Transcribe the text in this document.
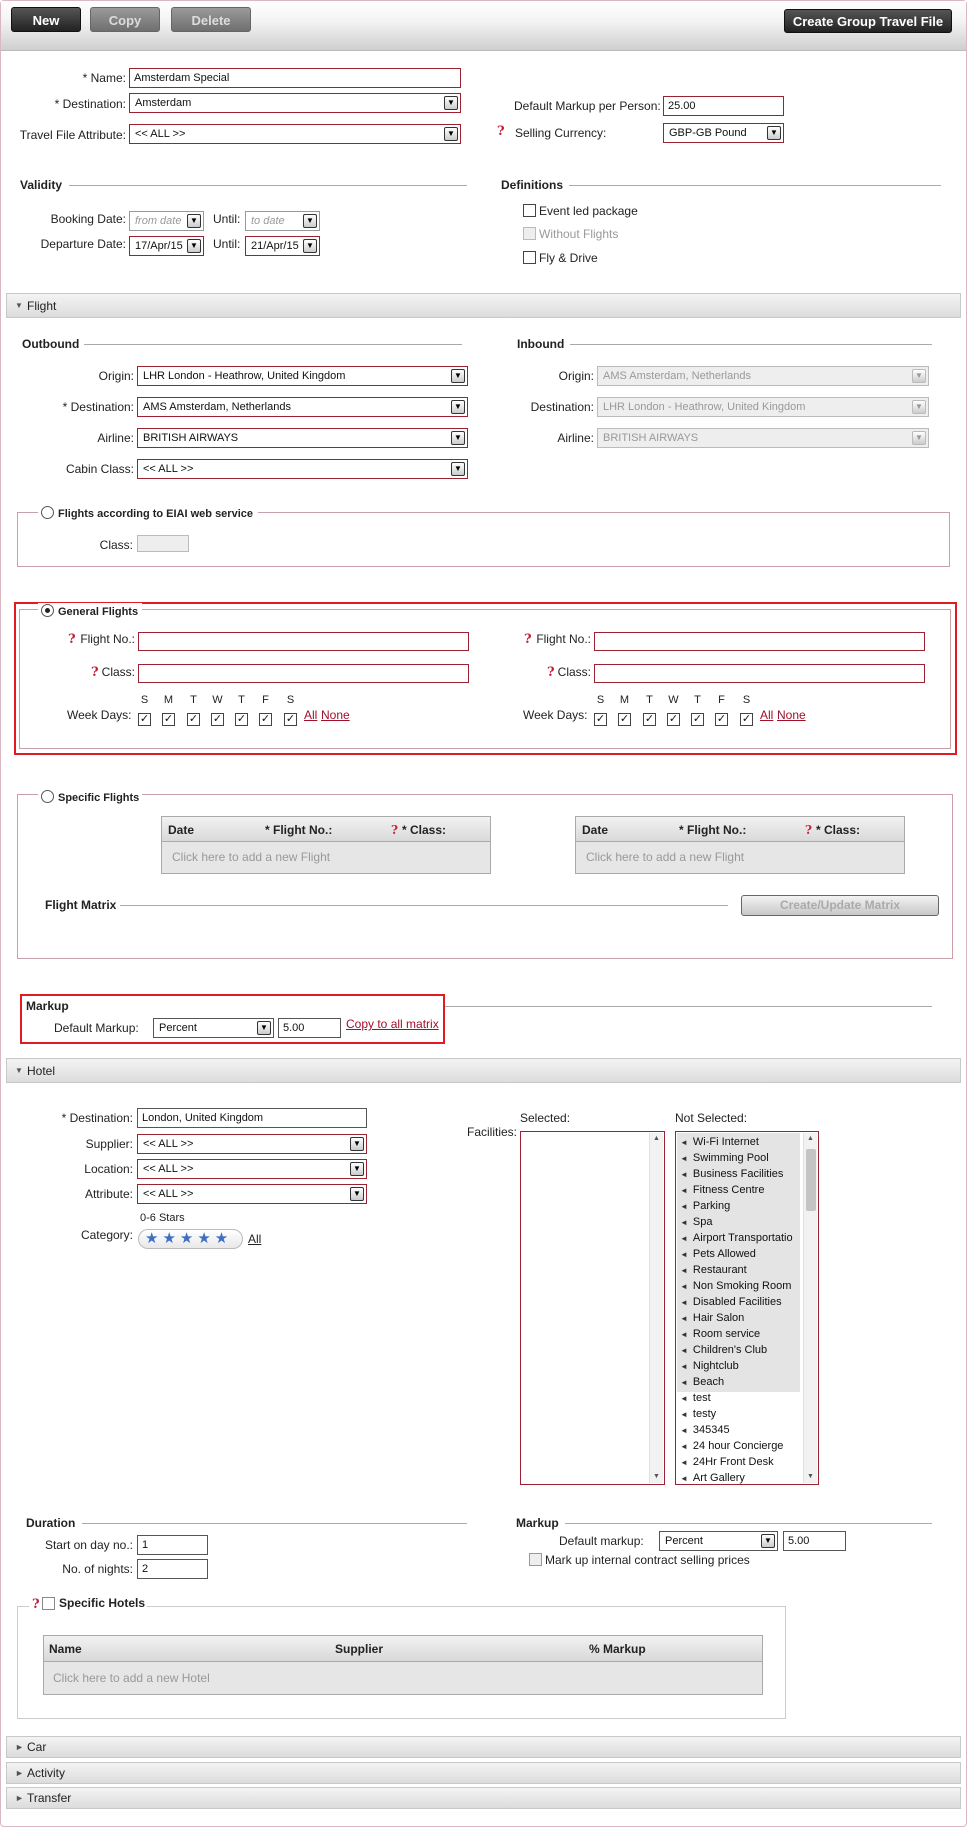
New	Copy	Delete	Create Group Travel File
* Name: Amsterdam Special
* Destination: Amsterdam	▼
Travel File Attribute: << ALL >>	▼
Default Markup per Person: 25.00
? Selling Currency:	GBP-GB Pound	▼
Validity
Booking Date: from date	▼ Until: to date	▼
Departure Date: 17/Apr/15 ▼ Until: 21/Apr/15 ▼
Definitions
Event led package
Without Flights
Fly & Drive
▼ Flight
Outbound
Origin: LHR London - Heathrow, United Kingdom	▼
* Destination: AMS Amsterdam, Netherlands	▼
Airline: BRITISH AIRWAYS	▼
Cabin Class: << ALL >>	▼
Inbound
Origin: AMS Amsterdam, Netherlands	▼
Destination: LHR London - Heathrow, United Kingdom	▼
Airline: BRITISH AIRWAYS	▼
Flights according to EIAI web service
Class:
General Flights
? Flight No.:
? Class:
Week Days:
S M T W T F S
✓ ✓ ✓ ✓ ✓ ✓ ✓ All None
? Flight No.:
? Class:
Week Days:
S M T W T F S
✓ ✓ ✓ ✓ ✓ ✓ ✓ All None
Specific Flights
Date	* Flight No.:	? * Class:
Click here to add a new Flight
Date	* Flight No.:	? * Class:
Click here to add a new Flight
Flight Matrix	Create/Update Matrix
Markup
Default Markup:	Percent	▼	5.00	Copy to all matrix
▼ Hotel
* Destination: London, United Kingdom
Supplier: << ALL >>	▼
Location: << ALL >>	▼
Attribute: << ALL >>	▼
0-6 Stars
Category: ★★★★★	All
Facilities:
Selected:	Not Selected:
▲
▼
◄ Wi-Fi Internet
◄ Swimming Pool
◄ Business Facilities
◄ Fitness Centre
◄ Parking
◄ Spa
◄ Airport Transportatio
◄ Pets Allowed
◄ Restaurant
◄ Non Smoking Room
◄ Disabled Facilities
◄ Hair Salon
◄ Room service
◄ Children's Club
◄ Nightclub
◄ Beach
◄ test
◄ testy
◄ 345345
◄ 24 hour Concierge
◄ 24Hr Front Desk
◄ Art Gallery
▲
▼
Duration
Start on day no.: 1
No. of nights: 2
Markup
Default markup:	Percent	▼	5.00
Mark up internal contract selling prices
? Specific Hotels
Name	Supplier	% Markup
Click here to add a new Hotel
► Car
► Activity
► Transfer
